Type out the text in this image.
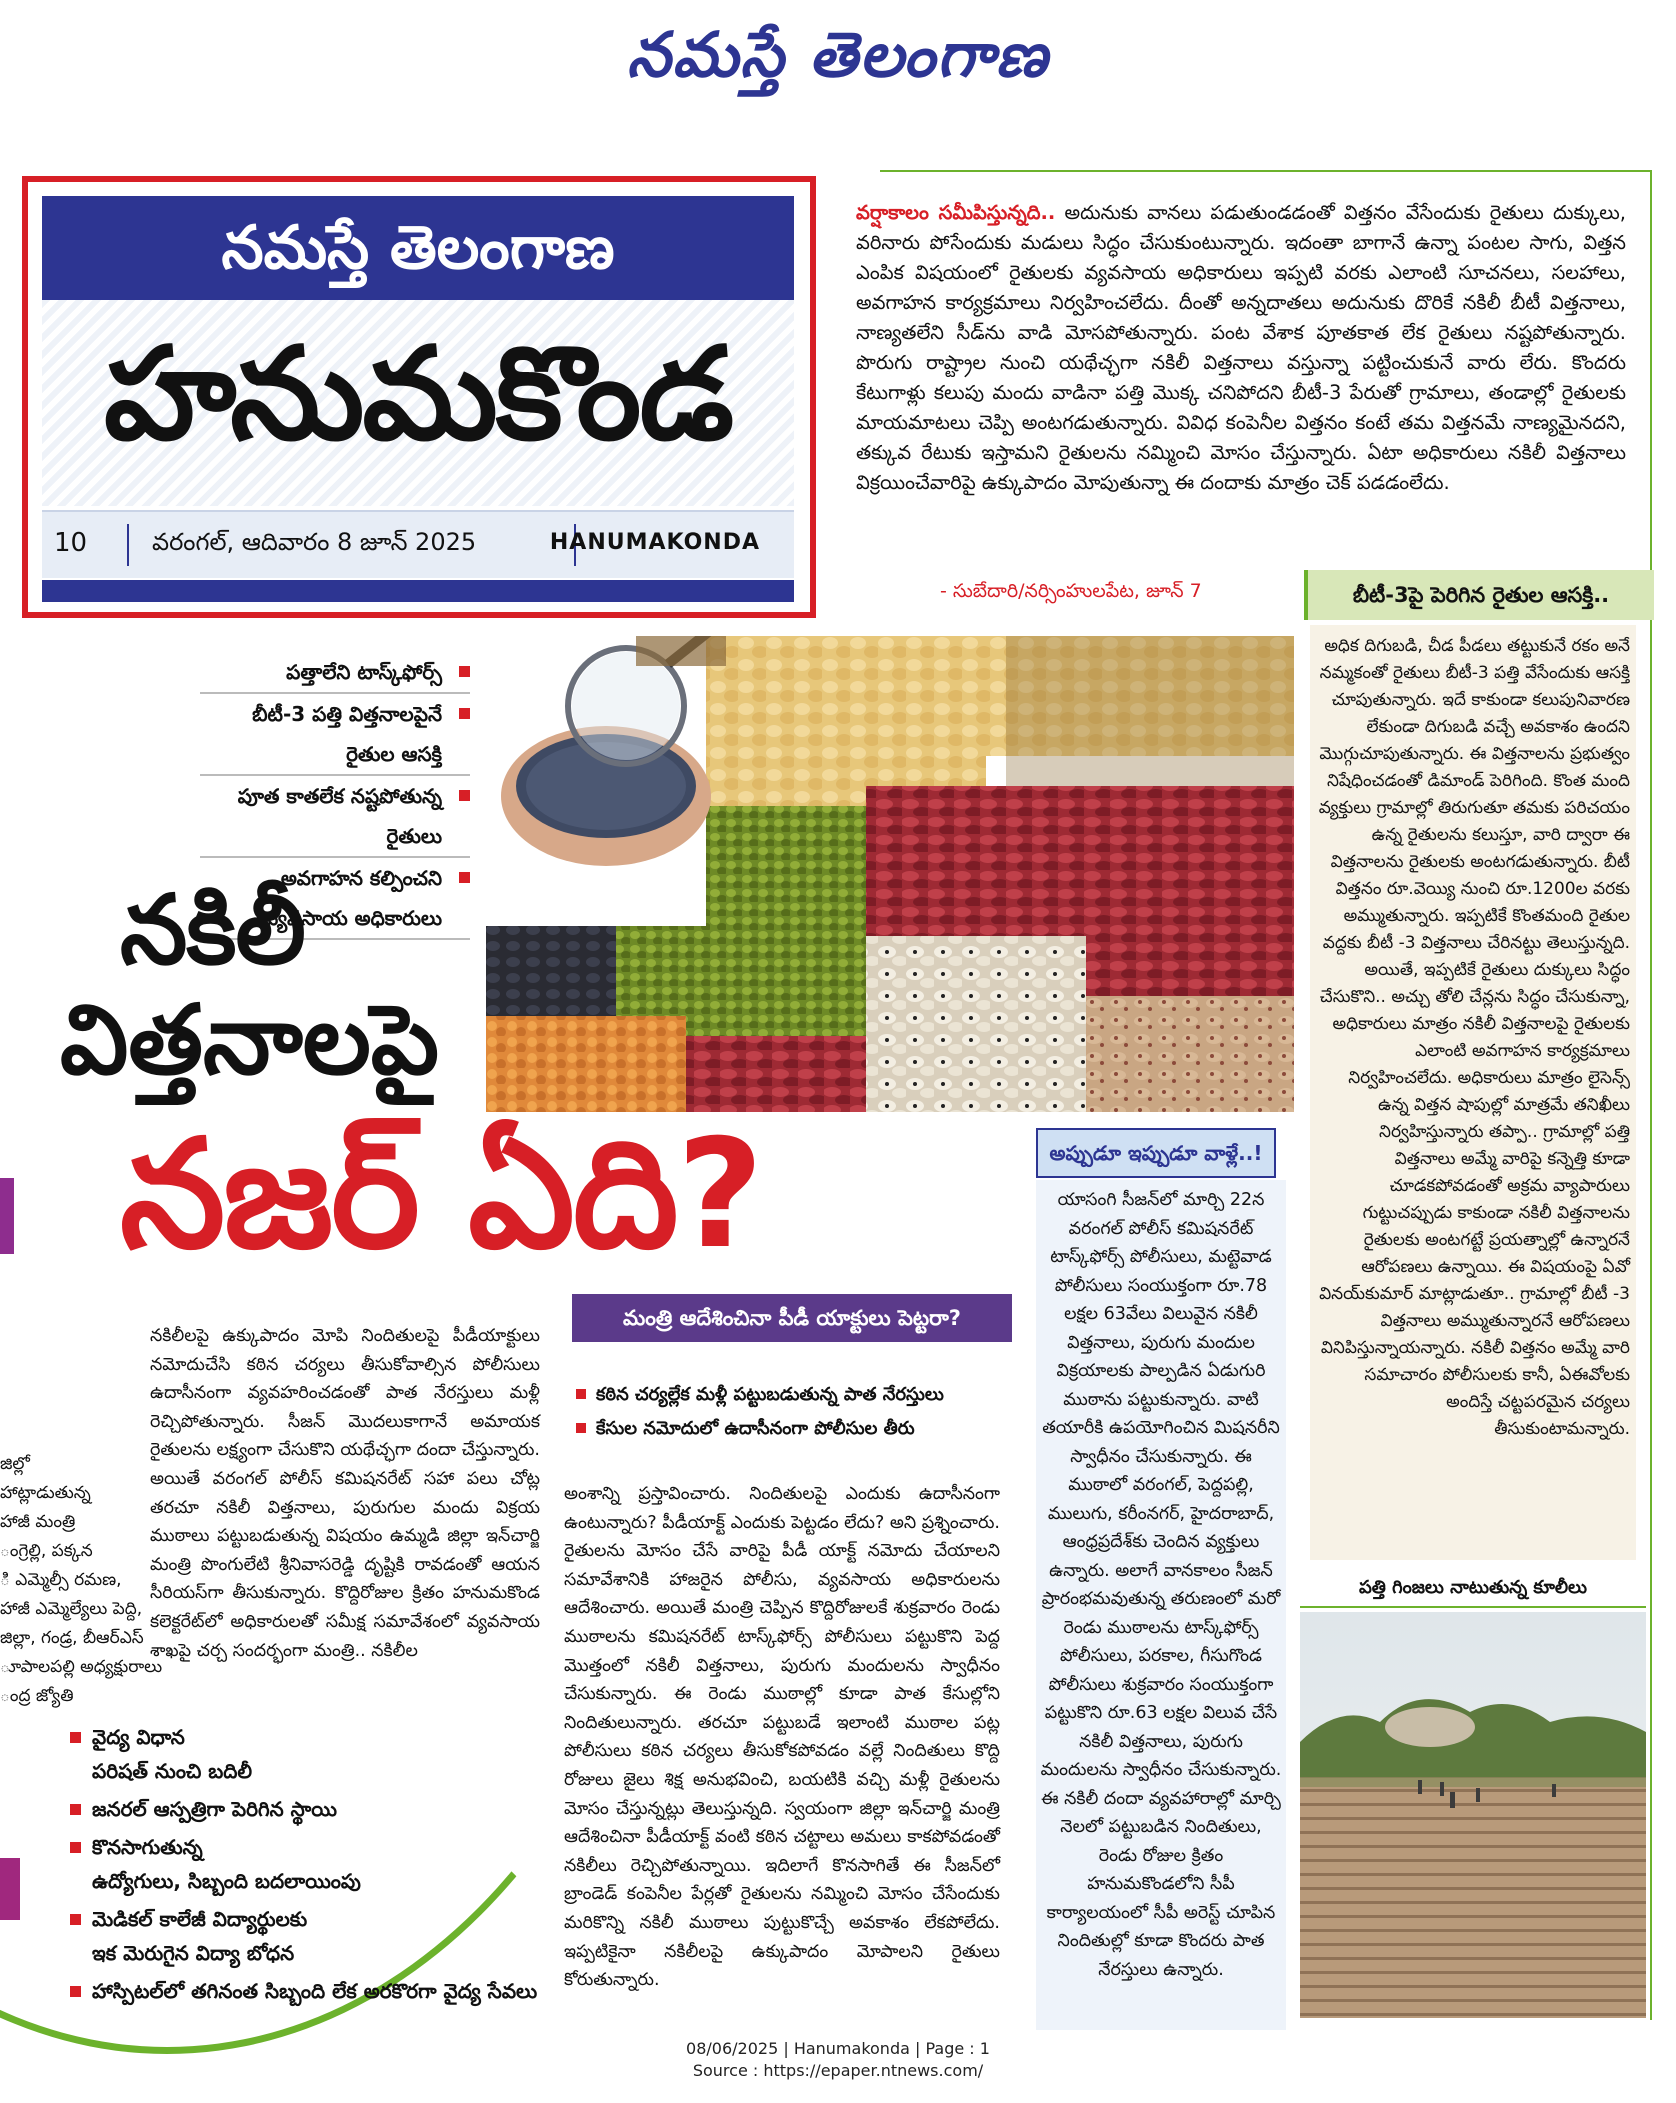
నమస్తే తెలంగాణ
నమస్తే తెలంగాణ
హనుమకొండ
10	వరంగల్, ఆదివారం 8 జూన్ 2025	HANUMAKONDA
వర్షాకాలం సమీపిస్తున్నది.. అదునుకు వానలు పడుతుండడంతో విత్తనం వేసేందుకు రైతులు దుక్కులు, వరినారు పోసేందుకు మడులు సిద్ధం చేసుకుంటున్నారు. ఇదంతా బాగానే ఉన్నా పంటల సాగు, విత్తన ఎంపిక విషయంలో రైతులకు వ్యవసాయ అధికారులు ఇప్పటి వరకు ఎలాంటి సూచనలు, సలహాలు, అవగాహన కార్యక్రమాలు నిర్వహించలేదు. దీంతో అన్నదాతలు అదునుకు దొరికే నకిలీ బీటీ విత్తనాలు, నాణ్యతలేని సీడ్‌ను వాడి మోసపోతున్నారు. పంట వేశాక పూతకాత లేక రైతులు నష్టపోతున్నారు. పొరుగు రాష్ట్రాల నుంచి యథేచ్ఛగా నకిలీ విత్తనాలు వస్తున్నా పట్టించుకునే వారు లేరు. కొందరు కేటుగాళ్లు కలుపు మందు వాడినా పత్తి మొక్క చనిపోదని బీటీ-3 పేరుతో గ్రామాలు, తండాల్లో రైతులకు మాయమాటలు చెప్పి అంటగడుతున్నారు. వివిధ కంపెనీల విత్తనం కంటే తమ విత్తనమే నాణ్యమైనదని, తక్కువ రేటుకు ఇస్తామని రైతులను నమ్మించి మోసం చేస్తున్నారు. ఏటా అధికారులు నకిలీ విత్తనాలు విక్రయించేవారిపై ఉక్కుపాదం మోపుతున్నా ఈ దందాకు మాత్రం చెక్ పడడంలేదు.
- సుబేదారి/నర్సింహులపేట, జూన్ 7	బీటీ-3పై పెరిగిన రైతుల ఆసక్తి..
అధిక దిగుబడి, చీడ పీడలు తట్టుకునే రకం అనే నమ్మకంతో రైతులు బీటీ-3 పత్తి వేసేందుకు ఆసక్తి చూపుతున్నారు. ఇదే కాకుండా కలుపునివారణ లేకుండా దిగుబడి వచ్చే అవకాశం ఉందని మొగ్గుచూపుతున్నారు. ఈ విత్తనాలను ప్రభుత్వం నిషేధించడంతో డిమాండ్ పెరిగింది. కొంత మంది వ్యక్తులు గ్రామాల్లో తిరుగుతూ తమకు పరిచయం ఉన్న రైతులను కలుస్తూ, వారి ద్వారా ఈ విత్తనాలను రైతులకు అంటగడుతున్నారు. బీటీ విత్తనం రూ.వెయ్యి నుంచి రూ.1200ల వరకు అమ్ముతున్నారు. ఇప్పటికే కొంతమంది రైతుల వద్దకు బీటీ -3 విత్తనాలు చేరినట్టు తెలుస్తున్నది. అయితే, ఇప్పటికే రైతులు దుక్కులు సిద్ధం చేసుకొని.. అచ్చు తోలి చేన్లను సిద్ధం చేసుకున్నా, అధికారులు మాత్రం నకిలీ విత్తనాలపై రైతులకు ఎలాంటి అవగాహన కార్యక్రమాలు నిర్వహించలేదు. అధికారులు మాత్రం లైసెన్స్ ఉన్న విత్తన షాపుల్లో మాత్రమే తనిఖీలు నిర్వహిస్తున్నారు తప్పా.. గ్రామాల్లో పత్తి విత్తనాలు అమ్మే వారిపై కన్నెత్తి కూడా చూడకపోవడంతో అక్రమ వ్యాపారులు గుట్టుచప్పుడు కాకుండా నకిలీ విత్తనాలను రైతులకు అంటగట్టే ప్రయత్నాల్లో ఉన్నారనే ఆరోపణలు ఉన్నాయి. ఈ విషయంపై ఏవో వినయ్‌కుమార్ మాట్లాడుతూ.. గ్రామాల్లో బీటీ -3 విత్తనాలు అమ్ముతున్నారనే ఆరోపణలు వినిపిస్తున్నాయన్నారు. నకిలీ విత్తనం అమ్మే వారి సమాచారం పోలీసులకు కానీ, ఏఈవోలకు అందిస్తే చట్టపరమైన చర్యలు తీసుకుంటామన్నారు.
పత్తాలేని టాస్క్‌ఫోర్స్
బీటీ-3 పత్తి విత్తనాలపైనే రైతుల ఆసక్తి
పూత కాతలేక నష్టపోతున్న రైతులు
అవగాహన కల్పించని
వ్యవసాయ అధికారులు
నకిలీ
విత్తనాలపై
నజర్ ఏది?
జిల్లో
హాట్లాడుతున్న
హాజీ మంత్రి
ంగ్రెల్లి, పక్కన
ి ఎమ్మెల్సీ రమణ,
హాజీ ఎమ్మెల్యేలు పెద్ది,
జిల్లా, గండ్ర, బీఆర్‌ఎస్
ూపాలపల్లి అధ్యక్షురాలు
ంద్ర జ్యోతి
నకిలీలపై ఉక్కుపాదం మోపి నిందితులపై పీడీయాక్టులు నమోదుచేసి కఠిన చర్యలు తీసుకోవాల్సిన పోలీసులు ఉదాసీనంగా వ్యవహరించడంతో పాత నేరస్తులు మళ్లీ రెచ్చిపోతున్నారు. సీజన్ మొదలుకాగానే అమాయక రైతులను లక్ష్యంగా చేసుకొని యథేచ్ఛగా దందా చేస్తున్నారు. అయితే వరంగల్ పోలీస్ కమిషనరేట్ సహా పలు చోట్ల తరచూ నకిలీ విత్తనాలు, పురుగుల మందు విక్రయ ముఠాలు పట్టుబడుతున్న విషయం ఉమ్మడి జిల్లా ఇన్‌చార్జి మంత్రి పొంగులేటి శ్రీనివాసరెడ్డి దృష్టికి రావడంతో ఆయన సీరియస్‌గా తీసుకున్నారు. కొద్దిరోజుల క్రితం హనుమకొండ కలెక్టరేట్‌లో అధికారులతో సమీక్ష సమావేశంలో వ్యవసాయ శాఖపై చర్చ సందర్భంగా మంత్రి.. నకిలీల
మంత్రి ఆదేశించినా పీడీ యాక్టులు పెట్టరా?
కఠిన చర్యల్లేక మళ్లీ పట్టుబడుతున్న పాత నేరస్తులు
కేసుల నమోదులో ఉదాసీనంగా పోలీసుల తీరు
అంశాన్ని ప్రస్తావించారు. నిందితులపై ఎందుకు ఉదాసీనంగా ఉంటున్నారు? పీడీయాక్ట్ ఎందుకు పెట్టడం లేదు? అని ప్రశ్నించారు. రైతులను మోసం చేసే వారిపై పీడీ యాక్ట్ నమోదు చేయాలని సమావేశానికి హాజరైన పోలీసు, వ్యవసాయ అధికారులను ఆదేశించారు. అయితే మంత్రి చెప్పిన కొద్దిరోజులకే శుక్రవారం రెండు ముఠాలను కమిషనరేట్ టాస్క్‌ఫోర్స్ పోలీసులు పట్టుకొని పెద్ద మొత్తంలో నకిలీ విత్తనాలు, పురుగు మందులను స్వాధీనం చేసుకున్నారు. ఈ రెండు ముఠాల్లో కూడా పాత కేసుల్లోని నిందితులున్నారు. తరచూ పట్టుబడే ఇలాంటి ముఠాల పట్ల పోలీసులు కఠిన చర్యలు తీసుకోకపోవడం వల్లే నిందితులు కొద్ది రోజులు జైలు శిక్ష అనుభవించి, బయటికి వచ్చి మళ్లీ రైతులను మోసం చేస్తున్నట్లు తెలుస్తున్నది. స్వయంగా జిల్లా ఇన్‌చార్జి మంత్రి ఆదేశించినా పీడీయాక్ట్ వంటి కఠిన చట్టాలు అమలు కాకపోవడంతో నకిలీలు రెచ్చిపోతున్నాయి. ఇదిలాగే కొనసాగితే ఈ సీజన్‌లో బ్రాండెడ్ కంపెనీల పేర్లతో రైతులను నమ్మించి మోసం చేసేందుకు మరికొన్ని నకిలీ ముఠాలు పుట్టుకొచ్చే అవకాశం లేకపోలేదు. ఇప్పటికైనా నకిలీలపై ఉక్కుపాదం మోపాలని రైతులు కోరుతున్నారు.
అప్పుడూ ఇప్పుడూ వాళ్లే..!
యాసంగి సీజన్‌లో మార్చి 22న వరంగల్ పోలీస్ కమిషనరేట్ టాస్క్‌ఫోర్స్ పోలీసులు, మట్టెవాడ పోలీసులు సంయుక్తంగా రూ.78 లక్షల 63వేలు విలువైన నకిలీ విత్తనాలు, పురుగు మందుల విక్రయాలకు పాల్పడిన ఏడుగురి ముఠాను పట్టుకున్నారు. వాటి తయారీకి ఉపయోగించిన మిషనరీని స్వాధీనం చేసుకున్నారు. ఈ ముఠాలో వరంగల్, పెద్దపల్లి, ములుగు, కరీంనగర్, హైదరాబాద్, ఆంధ్రప్రదేశ్‌కు చెందిన వ్యక్తులు ఉన్నారు. అలాగే వానకాలం సీజన్ ప్రారంభమవుతున్న తరుణంలో మరో రెండు ముఠాలను టాస్క్‌ఫోర్స్ పోలీసులు, పరకాల, గీసుగొండ పోలీసులు శుక్రవారం సంయుక్తంగా పట్టుకొని రూ.63 లక్షల విలువ చేసే నకిలీ విత్తనాలు, పురుగు మందులను స్వాధీనం చేసుకున్నారు. ఈ నకిలీ దందా వ్యవహారాల్లో మార్చి నెలలో పట్టుబడిన నిందితులు, రెండు రోజుల క్రితం హనుమకొండలోని సీపీ కార్యాలయంలో సీపీ అరెస్ట్ చూపిన నిందితుల్లో కూడా కొందరు పాత నేరస్తులు ఉన్నారు.
పత్తి గింజలు నాటుతున్న కూలీలు
వైద్య విధాన
పరిషత్‌ నుంచి బదిలీ
జనరల్ ఆస్పత్రిగా పెరిగిన స్థాయి
కొనసాగుతున్న
ఉద్యోగులు, సిబ్బంది బదలాయింపు
మెడికల్ కాలేజీ విద్యార్థులకు
ఇక మెరుగైన విద్యా బోధన
హాస్పిటల్‌లో తగినంత సిబ్బంది లేక అరకొరగా వైద్య సేవలు
08/06/2025 | Hanumakonda | Page : 1
Source : https://epaper.ntnews.com/
